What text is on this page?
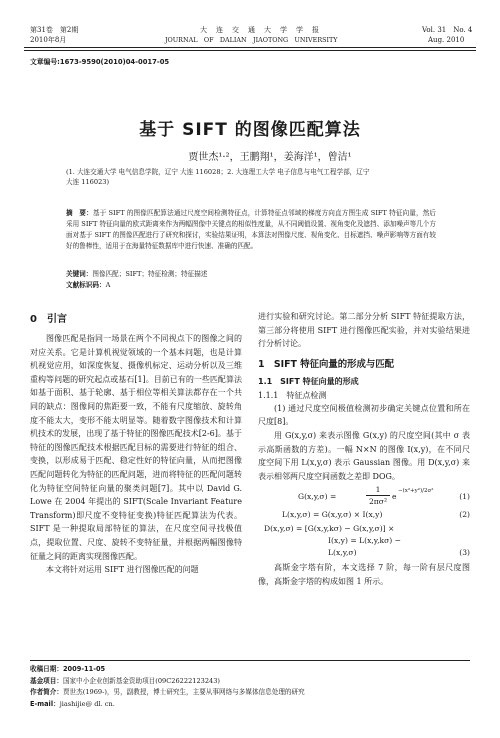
第31卷　第2期
2010年8月
大　连　交　通　大　学　学　报
JOURNAL　OF　DALIAN　JIAOTONG　UNIVERSITY
Vol. 31　No. 4
Aug. 2010
文章编号:1673-9590(2010)04-0017-05
基于 SIFT 的图像匹配算法
贾世杰¹·²，王鹏翔¹，姜海洋¹，曾洁¹
(1. 大连交通大学 电气信息学院，辽宁 大连 116028；2. 大连理工大学 电子信息与电气工程学部，辽宁
大连 116023)
摘　要：基于 SIFT 的图像匹配算法通过尺度空间检测特征点，计算特征点邻域的梯度方向直方图生成 SIFT 特征向量，然后采用 SIFT 特征向量的欧式距离来作为两幅图像中关键点的相似性度量，从不同阈值设置、视角变化及遮挡、添加噪声等几个方面对基于 SIFT 的图像匹配进行了研究和探讨，实验结果证明，本算法对图像尺度、视角变化、目标遮挡、噪声影响等方面有较好的鲁棒性，适用于在海量特征数据库中进行快速、准确的匹配。
关键词：图像匹配；SIFT；特征检测；特征描述
文献标识码：A
0　引言

图像匹配是指同一场景在两个不同视点下的图像之间的对应关系。它是计算机视觉领域的一个基本问题，也是计算机视觉应用，如深度恢复、摄像机标定、运动分析以及三维重构等问题的研究起点或基石[1]。目前已有的一些匹配算法如基于面积、基于轮廓、基于相位等相关算法都存在一个共同的缺点：图像间的焦距要一致，不能有尺度缩放、旋转角度不能太大，变形不能太明显等。随着数字图像技术和计算机技术的发展，出现了基于特征的图像匹配技术[2-6]。基于特征的图像匹配技术根据匹配目标的需要进行特征的组合、变换，以形成易于匹配、稳定性好的特征向量，从而把图像匹配问题转化为特征的匹配问题，进而将特征的匹配问题转化为特征空间特征向量的聚类问题[7]。其中以 David G. Lowe 在 2004 年提出的 SIFT(Scale Invariant Feature Transform)即尺度不变特征变换)特征匹配算法为代表。SIFT 是一种提取局部特征的算法，在尺度空间寻找极值点，提取位置、尺度、旋转不变特征量，并根据两幅图像特征量之间的距离实现图像匹配。

本文将针对运用 SIFT 进行图像匹配的问题

进行实验和研究讨论。第二部分分析 SIFT 特征提取方法，第三部分将使用 SIFT 进行图像匹配实验，并对实验结果进行分析讨论。

1　SIFT 特征向量的形成与匹配
1.1　SIFT 特征向量的形成
1.1.1　特征点检测

(1) 通过尺度空间极值检测初步确定关键点位置和所在尺度[8]。

用 G(x,y,σ) 来表示图像 G(x,y) 的尺度空间(其中 σ 表示高斯函数的方差)。一幅 N×N 的图像 I(x,y)，在不同尺度空间下用 L(x,y,σ) 表示 Gaussian 图像。用 D(x,y,σ) 来表示相邻两尺度空间函数之差即 DOG。

G(x,y,σ) =	$\frac{1}{\text{2πσ²}}$ e
−(x²+y²)/2σ²
(1)
L(x,y,σ) = G(x,y,σ) × I(x,y)	(2)
D(x,y,σ) = [G(x,y,kσ) − G(x,y,σ)] ×
I(x,y) = L(x,y,kσ) −
L(x,y,σ)	(3)

高斯金字塔有阶，本文选择 7 阶，每一阶有层尺度图像，高斯金字塔的构成如图 1 所示。

收稿日期：2009-11-05
基金项目：国家中小企业创新基金资助项目(09C26222123243)
作者简介：贾世杰(1969-)，男，副教授，博士研究生，主要从事网络与多媒体信息处理的研究
E-mail：jiashijie@ dl. cn.
